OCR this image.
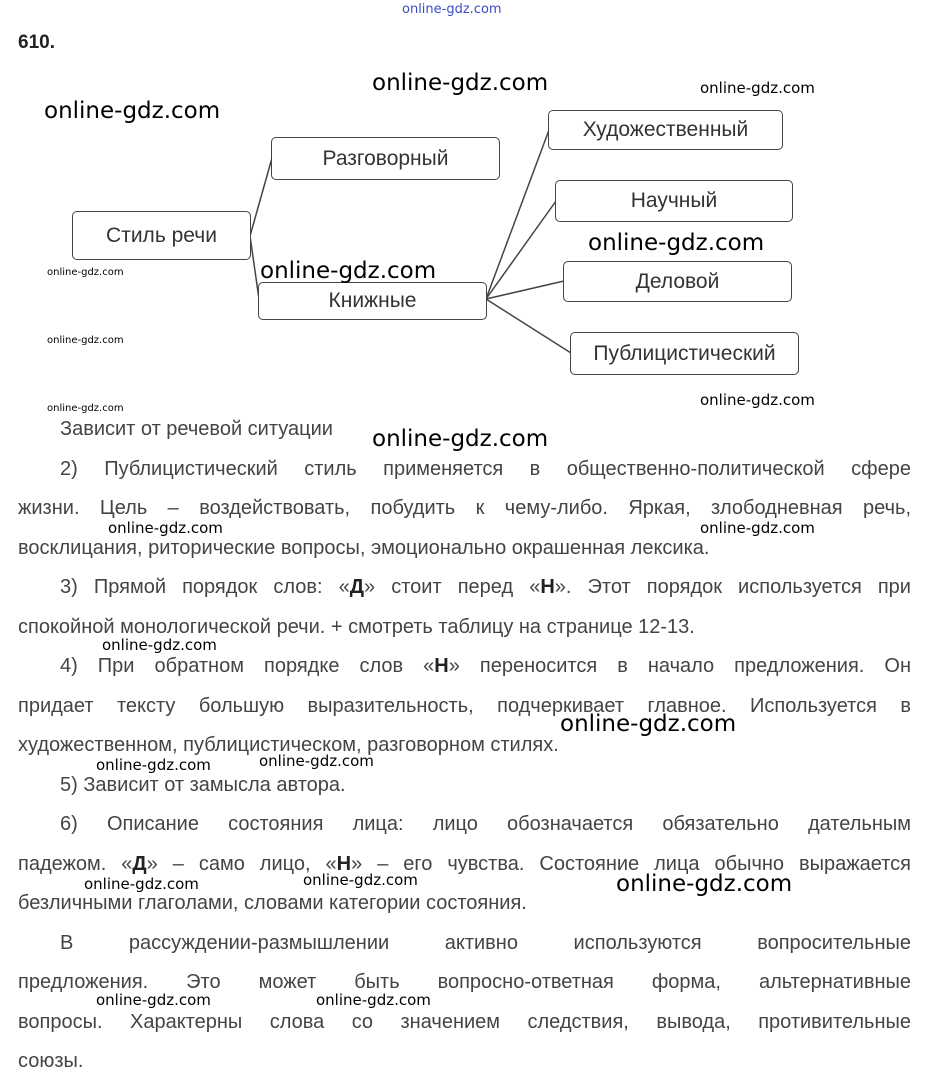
610.
Стиль речи
Разговорный
Книжные
Художественный
Научный
Деловой
Публицистический
Зависит от речевой ситуации
2) Публицистический стиль применяется в общественно-политической сфере
жизни. Цель – воздействовать, побудить к чему-либо. Яркая, злободневная речь,
восклицания, риторические вопросы, эмоционально окрашенная лексика.
3) Прямой порядок слов: «Д» стоит перед «Н». Этот порядок используется при
спокойной монологической речи. + смотреть таблицу на странице 12-13.
4) При обратном порядке слов «Н» переносится в начало предложения. Он
придает тексту большую выразительность, подчеркивает главное. Используется в
художественном, публицистическом, разговорном стилях.
5) Зависит от замысла автора.
6) Описание состояния лица: лицо обозначается обязательно дательным
падежом. «Д» – само лицо, «Н» – его чувства. Состояние лица обычно выражается
безличными глаголами, словами категории состояния.
В рассуждении-размышлении активно используются вопросительные
предложения. Это может быть вопросно-ответная форма, альтернативные
вопросы. Характерны слова со значением следствия, вывода, противительные
союзы.
online-gdz.com
online-gdz.com	online-gdz.com
online-gdz.com
online-gdz.com
online-gdz.com
online-gdz.com
online-gdz.com
online-gdz.com
online-gdz.com
online-gdz.com
online-gdz.com	online-gdz.com
online-gdz.com
online-gdz.com
online-gdz.com	online-gdz.com
online-gdz.com
online-gdz.com	online-gdz.com
online-gdz.com	online-gdz.com
